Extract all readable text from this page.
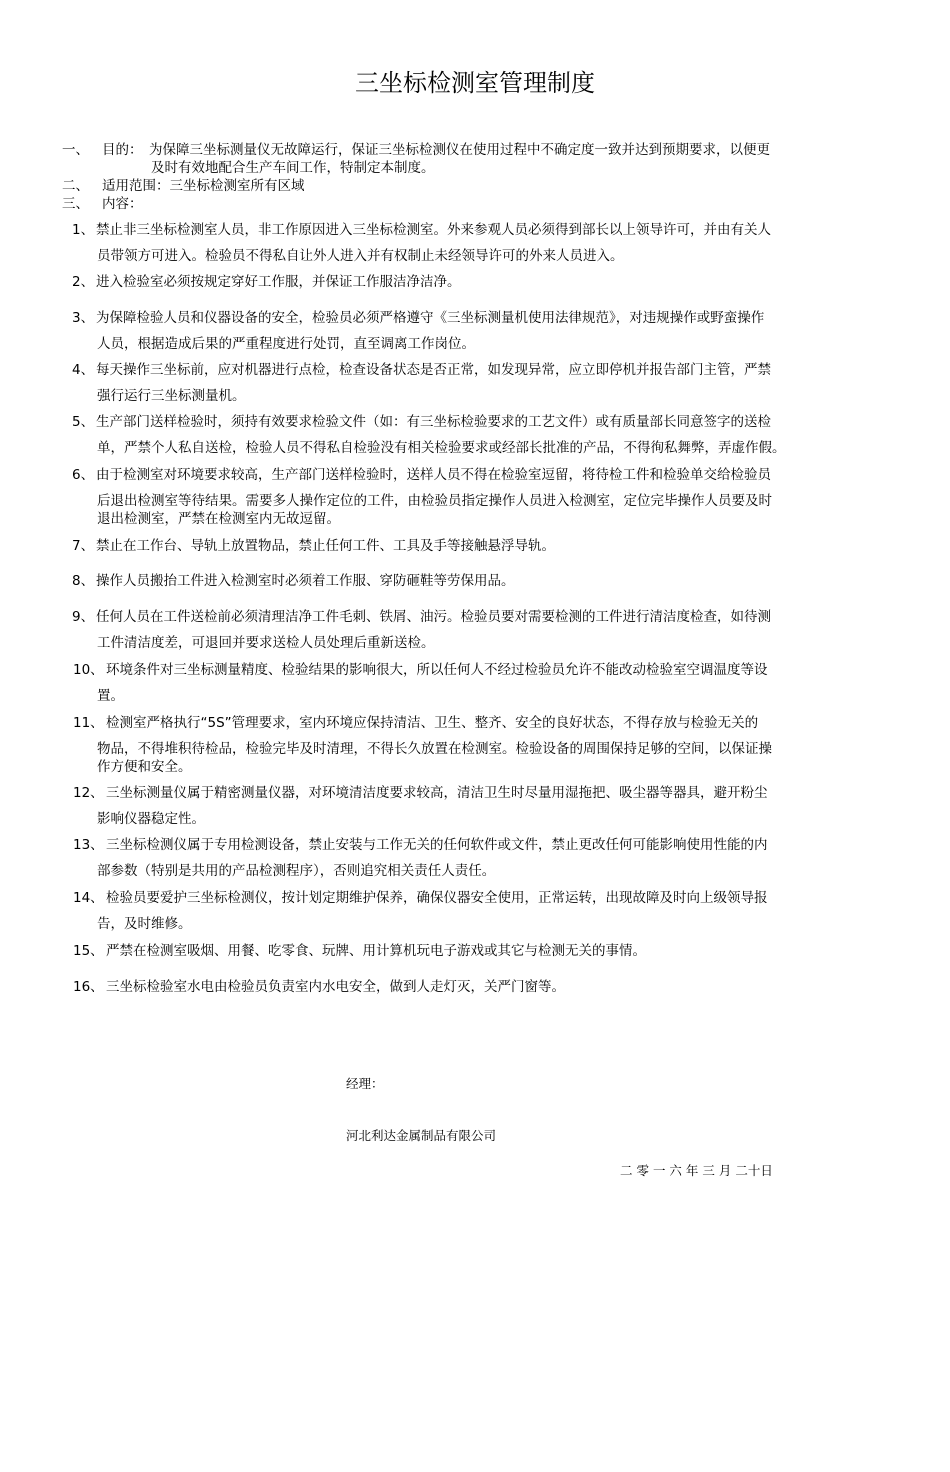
三坐标检测室管理制度
一、 目的： 为保障三坐标测量仪无故障运行，保证三坐标检测仪在使用过程中不确定度一致并达到预期要求，以便更
及时有效地配合生产车间工作，特制定本制度。
二、 适用范围：三坐标检测室所有区域
三、 内容：
1、 禁止非三坐标检测室人员，非工作原因进入三坐标检测室。外来参观人员必须得到部长以上领导许可，并由有关人
员带领方可进入。检验员不得私自让外人进入并有权制止未经领导许可的外来人员进入。
2、 进入检验室必须按规定穿好工作服，并保证工作服洁净洁净。
3、 为保障检验人员和仪器设备的安全，检验员必须严格遵守《三坐标测量机使用法律规范》，对违规操作或野蛮操作
人员，根据造成后果的严重程度进行处罚，直至调离工作岗位。
4、 每天操作三坐标前，应对机器进行点检，检查设备状态是否正常，如发现异常，应立即停机并报告部门主管，严禁
强行运行三坐标测量机。
5、 生产部门送样检验时，须持有效要求检验文件（如：有三坐标检验要求的工艺文件）或有质量部长同意签字的送检
单，严禁个人私自送检，检验人员不得私自检验没有相关检验要求或经部长批准的产品，不得徇私舞弊，弄虚作假。
6、 由于检测室对环境要求较高，生产部门送样检验时，送样人员不得在检验室逗留，将待检工件和检验单交给检验员
后退出检测室等待结果。需要多人操作定位的工件，由检验员指定操作人员进入检测室，定位完毕操作人员要及时
退出检测室，严禁在检测室内无故逗留。
7、 禁止在工作台、导轨上放置物品，禁止任何工件、工具及手等接触悬浮导轨。
8、 操作人员搬抬工件进入检测室时必须着工作服、穿防砸鞋等劳保用品。
9、 任何人员在工件送检前必须清理洁净工件毛刺、铁屑、油污。检验员要对需要检测的工件进行清洁度检查，如待测
工件清洁度差，可退回并要求送检人员处理后重新送检。
10、 环境条件对三坐标测量精度、检验结果的影响很大，所以任何人不经过检验员允许不能改动检验室空调温度等设
置。
11、 检测室严格执行“5S”管理要求，室内环境应保持清洁、卫生、整齐、安全的良好状态，不得存放与检验无关的
物品，不得堆积待检品，检验完毕及时清理，不得长久放置在检测室。检验设备的周围保持足够的空间，以保证操
作方便和安全。
12、 三坐标测量仪属于精密测量仪器，对环境清洁度要求较高，清洁卫生时尽量用湿拖把、吸尘器等器具，避开粉尘
影响仪器稳定性。
13、 三坐标检测仪属于专用检测设备，禁止安装与工作无关的任何软件或文件，禁止更改任何可能影响使用性能的内
部参数（特别是共用的产品检测程序），否则追究相关责任人责任。
14、 检验员要爱护三坐标检测仪，按计划定期维护保养，确保仪器安全使用，正常运转，出现故障及时向上级领导报
告，及时维修。
15、 严禁在检测室吸烟、用餐、吃零食、玩牌、用计算机玩电子游戏或其它与检测无关的事情。
16、 三坐标检验室水电由检验员负责室内水电安全，做到人走灯灭，关严门窗等。
经理：
河北利达金属制品有限公司
二 零 一 六 年 三 月 二十日
